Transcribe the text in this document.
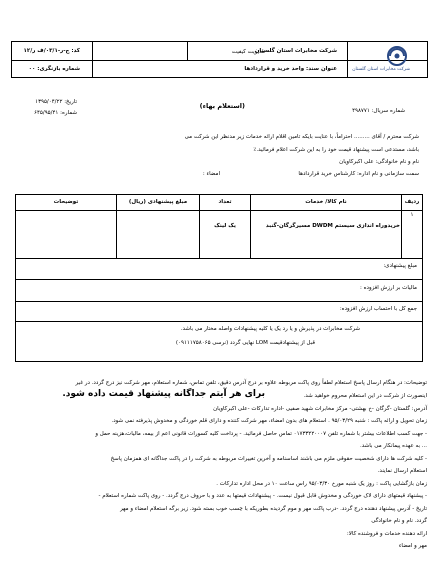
شرکت مخابرات استان گلستان
شرکت مخابرات استان گلستان
مدیریت کیفیت
کد: ج-ر-۰۳/۱/ف ر/۱۲
عنوان سند: واحد خرید و قراردادها
شماره بازنگری: ۰۰
(استعلام بهاء)
شماره سریال: ۴۹۸۷۷۱
تاریخ: ۱۳۹۵/۰۴/۲۲
شماره: ۶۴۵/۹۵/۴۱
شرکت محترم / آقای ......... احتراماً، با عنایت بایکه تامین اقلام ارائه خدمات زیر مدنظر این شرکت می
باشد، مستدعی است پیشنهاد قیمت خود را به این شرکت اعلام فرمائید.٪
نام و نام خانوادگی: علی اکبرکاویان
سمت سازمانی و نام اداره: کارشناس خرید قراردادها
امضاء :
ردیف	نام کالا/ خدمات	تعداد	مبلغ پیشنهادی (ریال)	توضیحات
۱	خریدوراه اندازی سیستم DWDM مسیرگرگان-گنبد	یک لینک		
مبلغ پیشنهادی:
مالیات بر ارزش افزوده :
جمع کل با احتساب ارزش افزوده:
شرکت مخابرات در پذیرش و یا رد یک یا کلیه پیشنهادات واصله مختار می باشد.
قبل از پیشنهادقیمت LOM نهایی گردد (نرسی ۰۹۱۱۱۷۵۸۰۶۵)
توضیحات: در هنگام ارسال پاسخ استعلام لطفاً روی پاکت مربوطه علاوه بر درج آدرس دقیق، تلفن تماس، شماره استعلام، مهر شرکت نیز درج گردد. در غیر
اینصورت از شرکت در این استعلام محروم خواهید شد.
برای هر آیتم جداگانه پیشنهاد قیمت داده شود.
آدرس: گلستان -گرگان -خ بهشتی- مرکز مخابرات شهید صفیی -اداره تدارکات -علی اکبرکاویان
زمان تحویل و ارائه پاکت : شنبه ۹۵/۰۳/۲۹ . استعلام های بدون امضاء، مهر شرکت کننده و دارای قلم خوردگی و مخدوش پذیرفته نمی شود.
- جهت کسب اطلاعات بیشتر با شماره تلفن ۰۱۷۳۳۲۲۰۰۰۷ تماس حاصل فرمائید. - پرداخت کلیه کسورات قانونی اعم از بیمه، مالیات،هزینه حمل و
... به عهده پیمانکار می باشد.
- کلیه شرکت ها دارای شخصیت حقوقی ملزم می باشند اساسنامه و آخرین تغییرات مربوطه به شرکت را در پاکت جداگانه ای همزمان پاسخ
استعلام ارسال نمایند.
زمان بازگشایی پاکت : روز یک شنبه مورخ ۹۵/۰۳/۳۰ راس ساعت ۱۰ در محل اداره تدارکات .
- پیشنهاد قیمتهای دارای لاک خوردگی و مخدوش قابل قبول نیست. - پیشنهادات قیمتها به عدد و با حروف درج گردد. - روی پاکت شماره استعلام -
تاریخ - آدرس پیشنهاد دهنده درج گردد. -درب پاکت مهر و موم گردیده بطوریکه با چسب خوب بسته شود. زیر برگه استعلام امضاء و مهر
گردد. نام و نام خانوادگی
ارائه دهنده خدمات و فروشنده کالا:
مهر و امضاء
